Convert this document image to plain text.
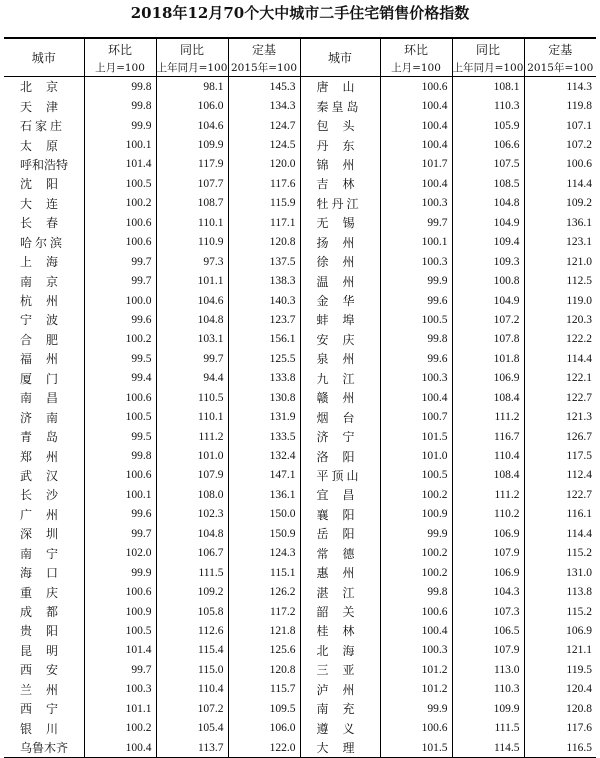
2018年12月70个大中城市二手住宅销售价格指数
城市	环比	同比	定基	城市	环比	同比	定基
	上月=100	上年同月=100	2015年=100		上月=100	上年同月=100	2015年=100
北京	99.8	98.1	145.3	唐山	100.6	108.1	114.3
天津	99.8	106.0	134.3	秦皇岛	100.4	110.3	119.8
石家庄	99.9	104.6	124.7	包头	100.4	105.9	107.1
太原	100.1	109.9	124.5	丹东	100.4	106.6	107.2
呼和浩特	101.4	117.9	120.0	锦州	101.7	107.5	100.6
沈阳	100.5	107.7	117.6	吉林	100.4	108.5	114.4
大连	100.2	108.7	115.9	牡丹江	100.3	104.8	109.2
长春	100.6	110.1	117.1	无锡	99.7	104.9	136.1
哈尔滨	100.6	110.9	120.8	扬州	100.1	109.4	123.1
上海	99.7	97.3	137.5	徐州	100.3	109.3	121.0
南京	99.7	101.1	138.3	温州	99.9	100.8	112.5
杭州	100.0	104.6	140.3	金华	99.6	104.9	119.0
宁波	99.6	104.8	123.7	蚌埠	100.5	107.2	120.3
合肥	100.2	103.1	156.1	安庆	99.8	107.8	122.2
福州	99.5	99.7	125.5	泉州	99.6	101.8	114.4
厦门	99.4	94.4	133.8	九江	100.3	106.9	122.1
南昌	100.6	110.5	130.8	赣州	100.4	108.4	122.7
济南	100.5	110.1	131.9	烟台	100.7	111.2	121.3
青岛	99.5	111.2	133.5	济宁	101.5	116.7	126.7
郑州	99.8	101.0	132.4	洛阳	101.0	110.4	117.5
武汉	100.6	107.9	147.1	平顶山	100.5	108.4	112.4
长沙	100.1	108.0	136.1	宜昌	100.2	111.2	122.7
广州	99.6	102.3	150.0	襄阳	100.9	110.2	116.1
深圳	99.7	104.8	150.9	岳阳	99.9	106.9	114.4
南宁	102.0	106.7	124.3	常德	100.2	107.9	115.2
海口	99.9	111.5	115.1	惠州	100.2	106.9	131.0
重庆	100.6	109.2	126.2	湛江	99.8	104.3	113.8
成都	100.9	105.8	117.2	韶关	100.6	107.3	115.2
贵阳	100.5	112.6	121.8	桂林	100.4	106.5	106.9
昆明	101.4	115.4	125.6	北海	100.3	107.9	121.1
西安	99.7	115.0	120.8	三亚	101.2	113.0	119.5
兰州	100.3	110.4	115.7	泸州	101.2	110.3	120.4
西宁	101.1	107.2	109.5	南充	99.9	109.9	120.8
银川	100.2	105.4	106.0	遵义	100.6	111.5	117.6
乌鲁木齐	100.4	113.7	122.0	大理	101.5	114.5	116.5
